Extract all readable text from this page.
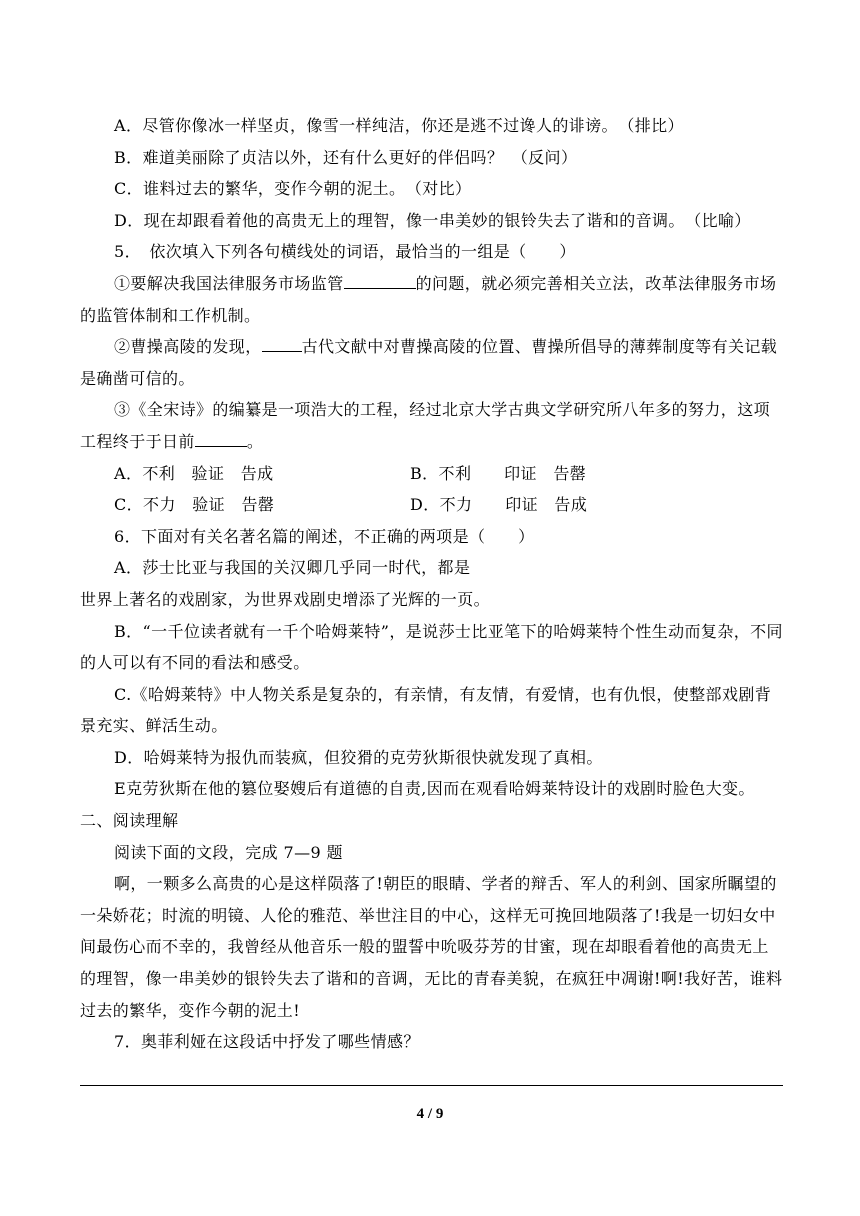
A．尽管你像冰一样坚贞，像雪一样纯洁，你还是逃不过谗人的诽谤。　（排比）

B．难道美丽除了贞洁以外，还有什么更好的伴侣吗？　（反问）

C．谁料过去的繁华，变作今朝的泥土。　（对比）

D．现在却跟看着他的高贵无上的理智，像一串美妙的银铃失去了谐和的音调。　（比喻）

5．　依次填入下列各句横线处的词语，最恰当的一组是（　　）

①要解决我国法律服务市场监管	的问题，就必须完善相关立法，改革法律服务市场的监管体制和工作机制。

②曹操高陵的发现，	古代文献中对曹操高陵的位置、曹操所倡导的薄葬制度等有关记载是确凿可信的。

③《全宋诗》的编纂是一项浩大的工程，经过北京大学古典文学研究所八年多的努力，这项工程终于于日前	。

A．不利　验证　告成	B．不利　　印证　告罄
C．不力　验证　告罄	D．不力　　印证　告成

6．下面对有关名著名篇的阐述，不正确的两项是（　　）

A．莎士比亚与我国的关汉卿几乎同一时代，都是

世界上著名的戏剧家，为世界戏剧史增添了光辉的一页。

B．“一千位读者就有一千个哈姆莱特”，是说莎士比亚笔下的哈姆莱特个性生动而复杂，不同的人可以有不同的看法和感受。

C.《哈姆莱特》中人物关系是复杂的，有亲情，有友情，有爱情，也有仇恨，使整部戏剧背景充实、鲜活生动。

D．哈姆莱特为报仇而装疯，但狡猾的克劳狄斯很快就发现了真相。

E克劳狄斯在他的篡位娶嫂后有道德的自责,因而在观看哈姆莱特设计的戏剧时脸色大变。

二、阅读理解

阅读下面的文段，完成 7—9 题

啊，一颗多么高贵的心是这样陨落了!朝臣的眼睛、学者的辩舌、军人的利剑、国家所瞩望的一朵娇花；时流的明镜、人伦的雅范、举世注目的中心，这样无可挽回地陨落了!我是一切妇女中间最伤心而不幸的，我曾经从他音乐一般的盟誓中吮吸芬芳的甘蜜，现在却眼看着他的高贵无上的理智，像一串美妙的银铃失去了谐和的音调，无比的青春美貌，在疯狂中凋谢!啊!我好苦，谁料过去的繁华，变作今朝的泥土!

7．奥菲利娅在这段话中抒发了哪些情感？

4 / 9
